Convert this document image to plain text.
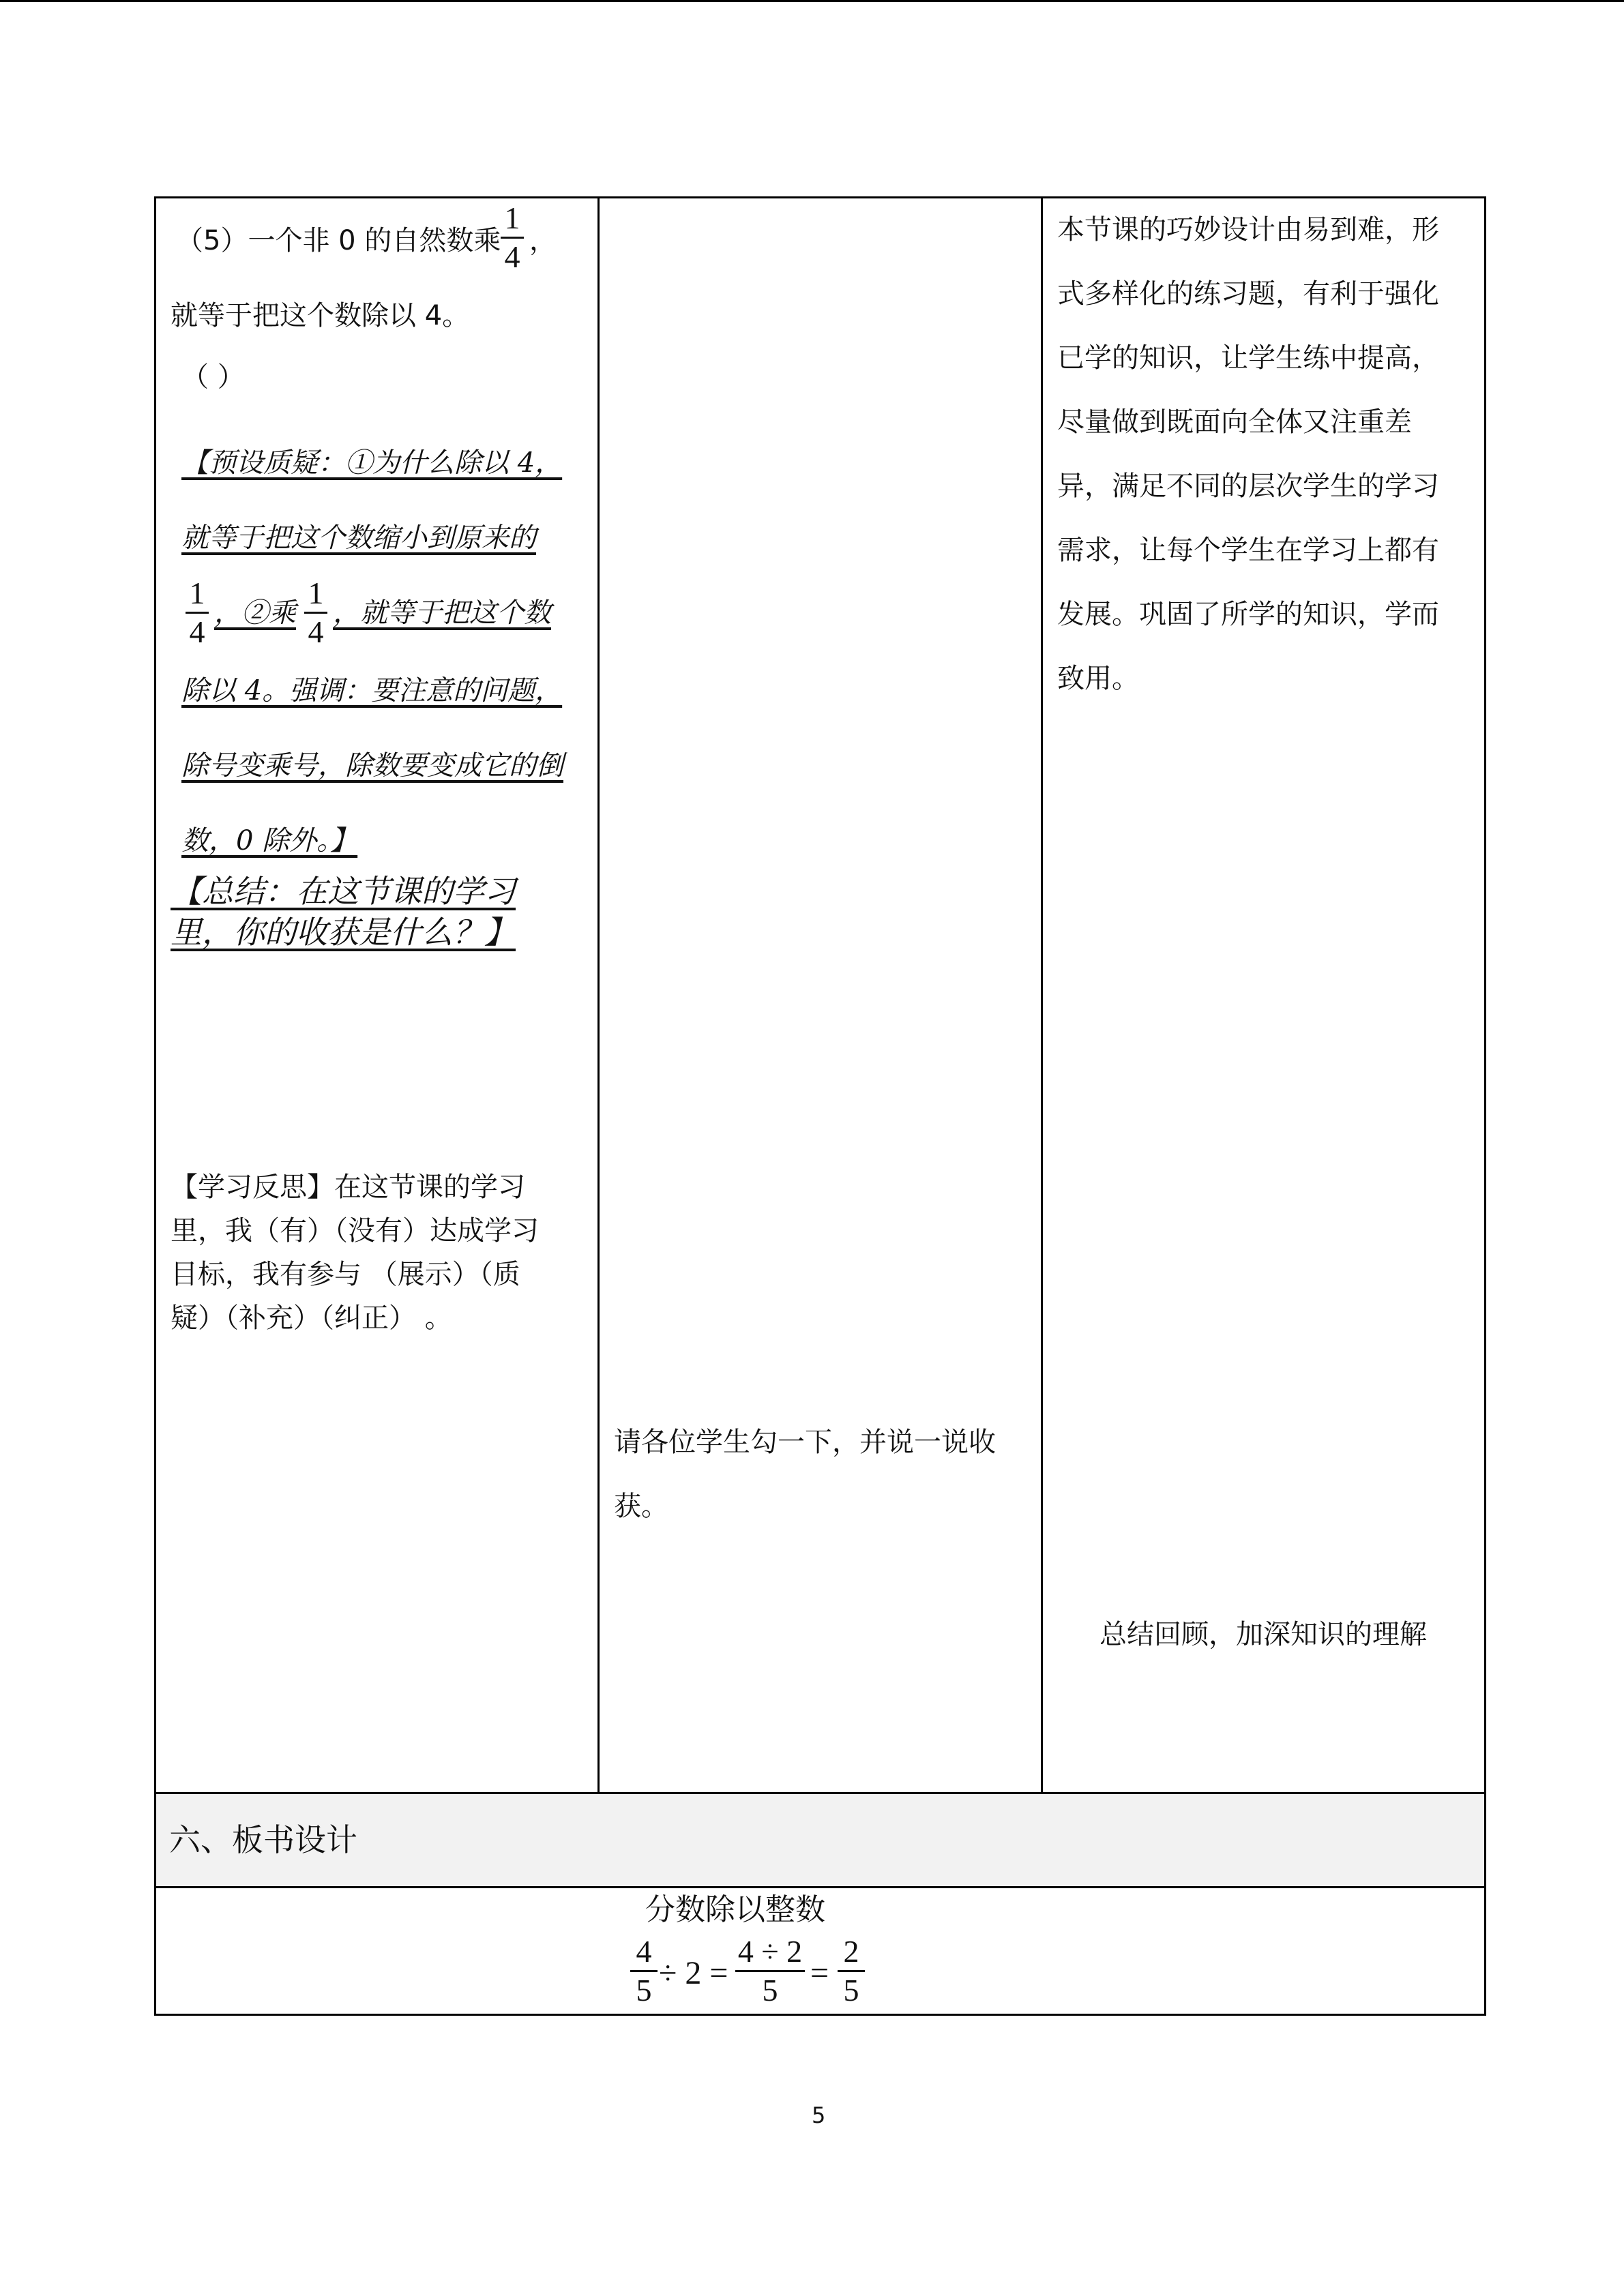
（5）一个非 0 的自然数乘
1
4 ，
就等于把这个数除以 4。
（ ）
【预设质疑：①为什么除以 4，
就等于把这个数缩小到原来的
1
4
，②乘
1
4
，就等于把这个数
除以 4。强调：要注意的问题，
除号变乘号，除数要变成它的倒
数，0 除外。】
【总结：在这节课的学习
里，你的收获是什么？】
【学习反思】在这节课的学习
里，我（有）（没有）达成学习
目标，我有参与 （展示）（质
疑）（补充）（纠正） 。
请各位学生勾一下，并说一说收
获。
本节课的巧妙设计由易到难，形
式多样化的练习题，有利于强化
已学的知识，让学生练中提高，
尽量做到既面向全体又注重差
异，满足不同的层次学生的学习
需求，让每个学生在学习上都有
发展。巩固了所学的知识，学而
致用。
总结回顾，加深知识的理解
六、板书设计
分数除以整数
4
5 ÷ 2 =
4 ÷ 2
5 =
2
5
5
